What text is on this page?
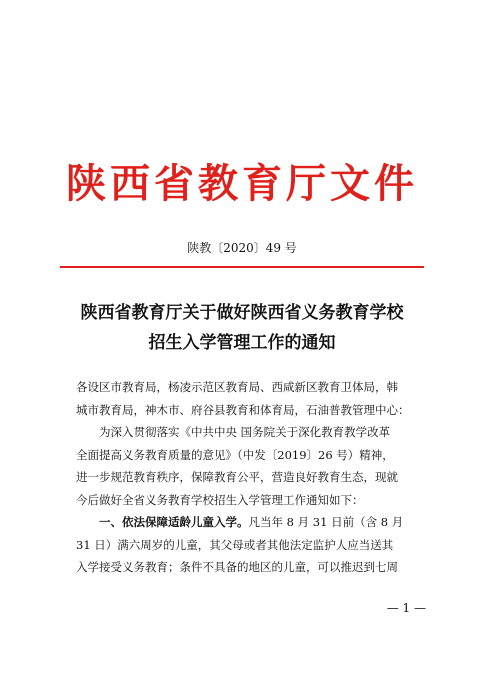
陕西省教育厅文件
陕教〔2020〕49 号
陕西省教育厅关于做好陕西省义务教育学校
招生入学管理工作的通知
各设区市教育局，杨凌示范区教育局、西咸新区教育卫体局，韩
城市教育局，神木市、府谷县教育和体育局，石油普教管理中心：
为深入贯彻落实《中共中央 国务院关于深化教育教学改革
全面提高义务教育质量的意见》（中发〔2019〕26 号）精神，
进一步规范教育秩序，保障教育公平，营造良好教育生态，现就
今后做好全省义务教育学校招生入学管理工作通知如下：
一、依法保障适龄儿童入学。凡当年 8 月 31 日前（含 8 月
31 日）满六周岁的儿童，其父母或者其他法定监护人应当送其
入学接受义务教育；条件不具备的地区的儿童，可以推迟到七周
— 1 —
